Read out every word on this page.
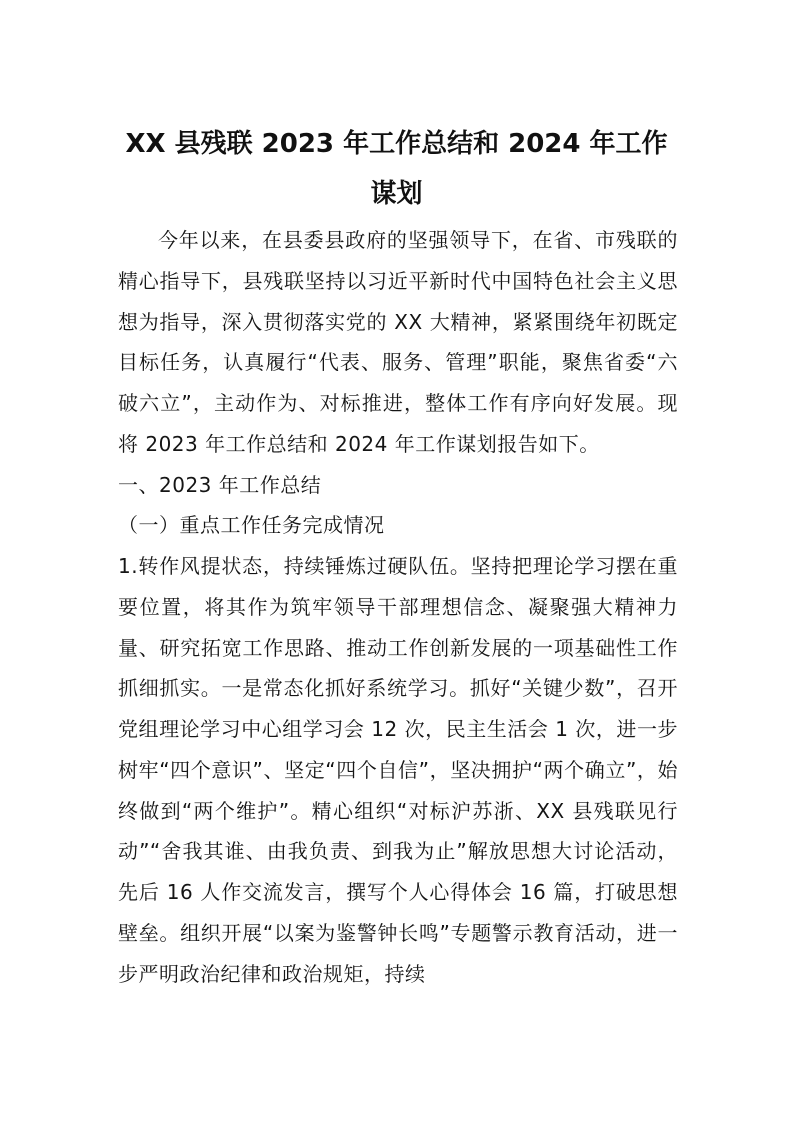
XX 县残联 2023 年工作总结和 2024 年工作
谋划

今年以来，在县委县政府的坚强领导下，在省、市残联的精心指导下，县残联坚持以习近平新时代中国特色社会主义思想为指导，深入贯彻落实党的 XX 大精神，紧紧围绕年初既定目标任务，认真履行“代表、服务、管理”职能，聚焦省委“六破六立”，主动作为、对标推进，整体工作有序向好发展。现将 2023 年工作总结和 2024 年工作谋划报告如下。

一、2023 年工作总结

（一）重点工作任务完成情况

1.转作风提状态，持续锤炼过硬队伍。坚持把理论学习摆在重要位置，将其作为筑牢领导干部理想信念、凝聚强大精神力量、研究拓宽工作思路、推动工作创新发展的一项基础性工作抓细抓实。一是常态化抓好系统学习。抓好“关键少数”，召开党组理论学习中心组学习会 12 次，民主生活会 1 次，进一步树牢“四个意识”、坚定“四个自信”，坚决拥护“两个确立”，始终做到“两个维护”。精心组织“对标沪苏浙、XX 县残联见行动”“舍我其谁、由我负责、到我为止”解放思想大讨论活动，先后 16 人作交流发言，撰写个人心得体会 16 篇，打破思想壁垒。组织开展“以案为鉴警钟长鸣”专题警示教育活动，进一步严明政治纪律和政治规矩，持续
